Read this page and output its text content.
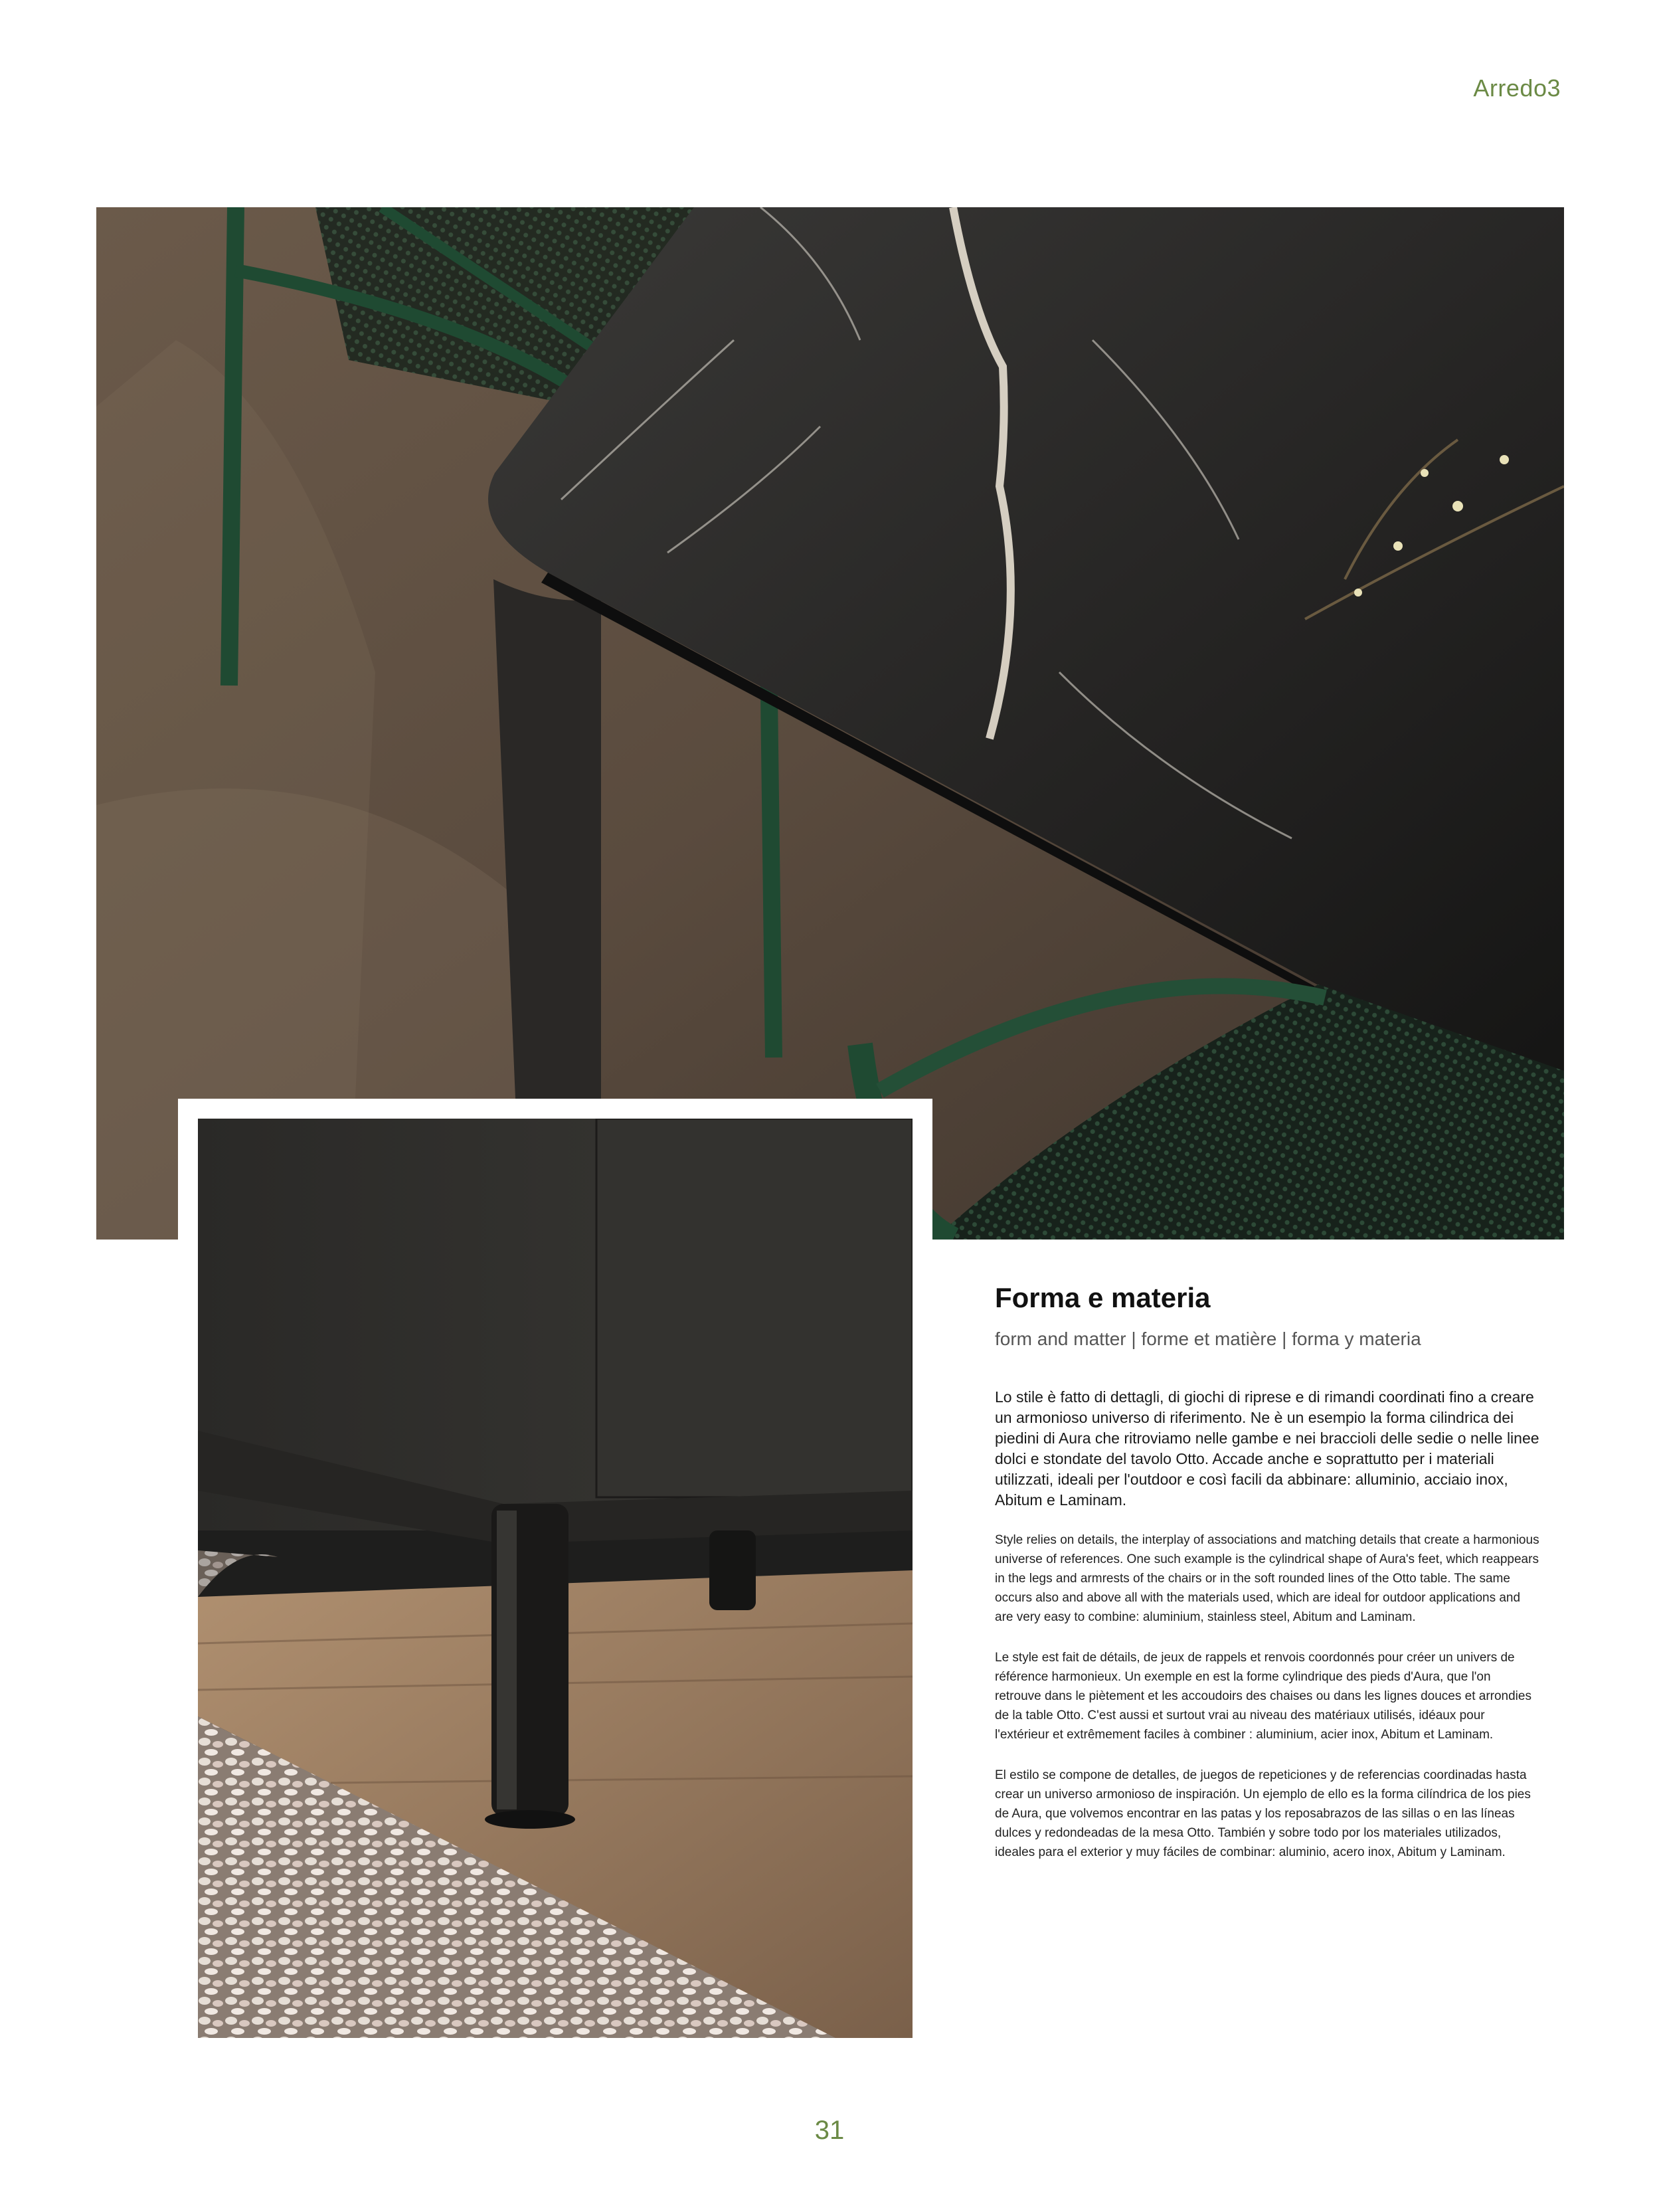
Arredo3
Forma e materia
form and matter | forme et matière | forma y materia

Lo stile è fatto di dettagli, di giochi di riprese e di rimandi coordinati fino a creare un armonioso universo di riferimento. Ne è un esempio la forma cilindrica dei piedini di Aura che ritroviamo nelle gambe e nei braccioli delle sedie o nelle linee dolci e stondate del tavolo Otto. Accade anche e soprattutto per i materiali utilizzati, ideali per l'outdoor e così facili da abbinare: alluminio, acciaio inox, Abitum e Laminam.

Style relies on details, the interplay of associations and matching details that create a harmonious universe of references. One such example is the cylindrical shape of Aura's feet, which reappears in the legs and armrests of the chairs or in the soft rounded lines of the Otto table. The same occurs also and above all with the materials used, which are ideal for outdoor applications and are very easy to combine: aluminium, stainless steel, Abitum and Laminam.

Le style est fait de détails, de jeux de rappels et renvois coordonnés pour créer un univers de référence harmonieux. Un exemple en est la forme cylindrique des pieds d'Aura, que l'on retrouve dans le piètement et les accoudoirs des chaises ou dans les lignes douces et arrondies de la table Otto. C'est aussi et surtout vrai au niveau des matériaux utilisés, idéaux pour l'extérieur et extrêmement faciles à combiner : aluminium, acier inox, Abitum et Laminam.

El estilo se compone de detalles, de juegos de repeticiones y de referencias coordinadas hasta crear un universo armonioso de inspiración. Un ejemplo de ello es la forma cilíndrica de los pies de Aura, que volvemos encontrar en las patas y los reposabrazos de las sillas o en las líneas dulces y redondeadas de la mesa Otto. También y sobre todo por los materiales utilizados, ideales para el exterior y muy fáciles de combinar: aluminio, acero inox, Abitum y Laminam.

31
